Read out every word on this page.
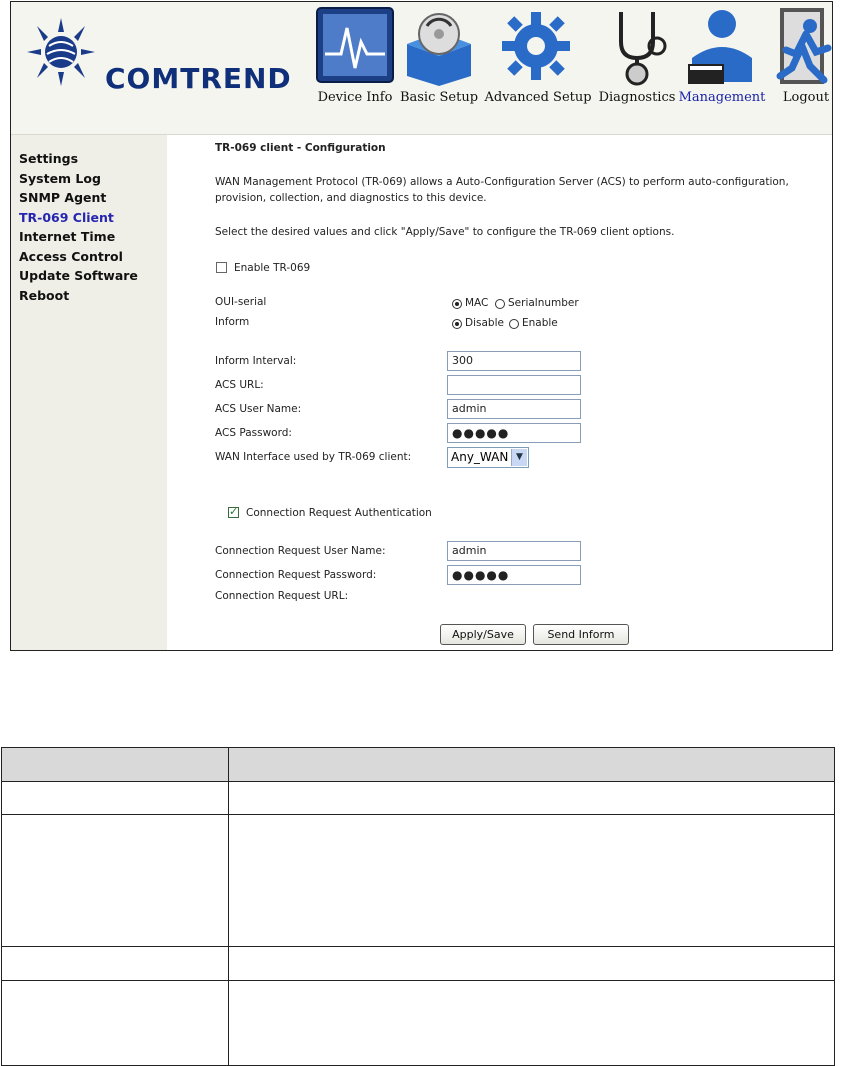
COMTREND
Device Info Basic Setup Advanced Setup Diagnostics Management	Logout
Settings
System Log
SNMP Agent
TR-069 Client
Internet Time
Access Control
Update Software
Reboot
TR-069 client - Configuration
WAN Management Protocol (TR-069) allows a Auto-Configuration Server (ACS) to perform auto-configuration,
provision, collection, and diagnostics to this device.
Select the desired values and click "Apply/Save" to configure the TR-069 client options.
Enable TR-069
OUI-serial	MAC Serialnumber
Inform	Disable Enable
Inform Interval:	300
ACS URL:
ACS User Name:	admin
ACS Password:	●●●●●
WAN Interface used by TR-069 client:	Any_WAN ▼
✓
Connection Request Authentication
Connection Request User Name:	admin
Connection Request Password:	●●●●●
Connection Request URL:
Apply/Save	Send Inform
